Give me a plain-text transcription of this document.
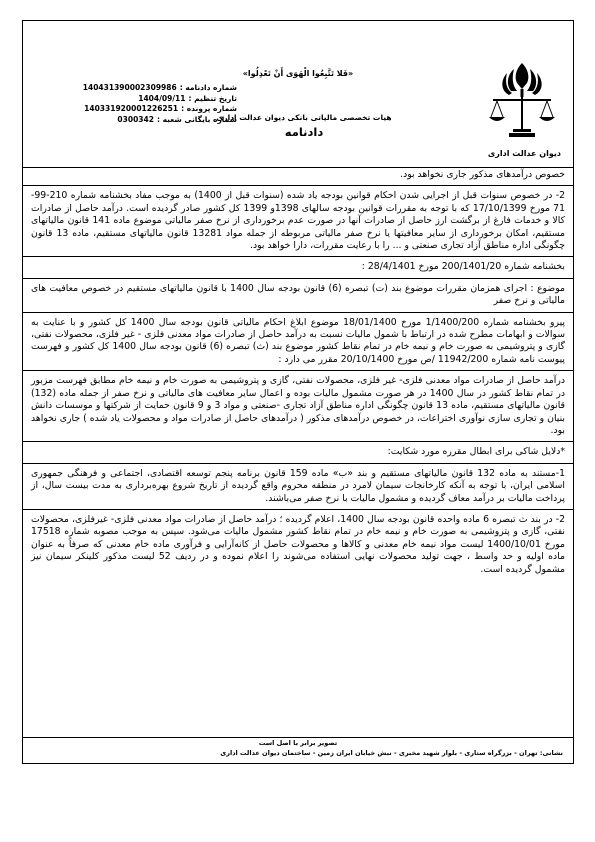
شماره دادنامه :
140431390002309986
تاریخ تنظیم :
1404/09/11
شماره پرونده :
140331920001226251
شماره بایگانی شعبه :
0300342
«فَلا تَتَّبِعُوا الْهَوَى أَنْ تَعْدِلُوا»
هیات تخصصی مالیاتی بانکی دیوان عدالت اداری
دادنامه
دیوان عدالت اداری

خصوص درآمدهای مذکور جاری نخواهد بود.

2- در خصوص سنوات قبل از اجرایی شدن احکام قوانین بودجه یاد شده (سنوات قبل از 1400) به موجب مفاد بخشنامه شماره 210-99-71 مورخ 17/10/1399 که با توجه به مقررات قوانین بودجه سالهای 1398و 1399 کل کشور صادر گردیده است. درآمد حاصل از صادرات کالا و خدمات فارغ از برگشت ارز حاصل از صادرات آنها در صورت عدم برخورداری از نرخ صفر مالیاتی موضوع ماده 141 قانون مالیاتهای مستقیم، امکان برخورداری از سایر معافیتها یا نرخ صفر مالیاتی مربوطه از جمله مواد 13281 قانون مالیاتهای مستقیم، ماده 13 قانون چگونگی اداره مناطق آزاد تجاری صنعتی و ... را با رعایت مقررات، دارا خواهد بود.

بخشنامه شماره 200/1401/20 مورخ 28/4/1401 :

موضوع : اجرای همزمان مقررات موضوع بند (ت) تبصره (6) قانون بودجه سال 1400 با قانون مالیاتهای مستقیم در خصوص معافیت های مالیاتی و نرخ صفر

پیرو بخشنامه شماره 1/1400/200 مورخ 18/01/1400 موضوع ابلاغ احکام مالیاتی قانون بودجه سال 1400 کل کشور و با عنایت به سوالات و ابهامات مطرح شده در ارتباط با شمول مالیات نسبت به درآمد حاصل از صادرات مواد معدنی فلزی - غیر فلزی، محصولات نفتی، گازی و پتروشیمی به صورت خام و نیمه خام در تمام نقاط کشور موضوع بند (ث) تبصره (6) قانون بودجه سال 1400 کل کشور و فهرست پیوست نامه شماره 11942/200 /ص مورخ 20/10/1400 مقرر می دارد :

درآمد حاصل از صادرات مواد معدنی فلزی- غیر فلزی، محصولات نفتی، گازی و پتروشیمی به صورت خام و نیمه خام مطابق فهرست مزبور در تمام نقاط کشور در سال 1400 در هر صورت مشمول مالیات بوده و اعمال سایر معافیت های مالیاتی و نرخ صفر از جمله ماده (132) قانون مالیاتهای مستقیم، ماده 13 قانون چگونگی اداره مناطق آزاد تجاری -صنعتی و مواد 3 و 9 قانون حمایت از شرکتها و موسسات دانش بنیان و تجاری سازی نوآوری اختراعات، در خصوص درآمدهای مذکور ( درآمدهای حاصل از صادرات مواد و محصولات یاد شده ) جاری نخواهد بود.

*دلایل شاکی برای ابطال مقرره مورد شکایت:

1-مستند به ماده 132 قانون مالیاتهای مستقیم و بند «ب» ماده 159 قانون برنامه پنجم توسعه اقتصادی، اجتماعی و فرهنگی جمهوری اسلامی ایران، با توجه به آنکه کارخانجات سیمان لامرد در منطقه محروم واقع گردیده از تاریخ شروع بهره‌برداری به مدت بیست سال، از پرداخت مالیات بر درآمد معاف گردیده و مشمول مالیات با نرخ صفر می‌باشند.

2- در بند ث تبصره 6 ماده واحده قانون بودجه سال 1400، اعلام گردیده ؛ درآمد حاصل از صادرات مواد معدنی فلزی- غیرفلزی، محصولات نفتی، گازی و پتروشیمی به صورت خام و نیمه خام در تمام نقاط کشور مشمول مالیات می‌شود. سپس به موجب مصوبه شماره 17518 مورخ 1400/10/01 لیست مواد نیمه خام معدنی و کالاها و محصولات حاصل از کانه‌آرایی و فرآوری ماده خام معدنی که صرفاً به عنوان ماده اولیه و حد واسط ، جهت تولید محصولات نهایی استفاده می‌شوند را اعلام نموده و در ردیف 52 لیست مذکور کلینکر سیمان نیز مشمول گردیده است.

تصویر برابر با اصل است
نشانی: تهران - بزرگراه ستاری - بلوار شهید مخبری - نبش خیابان ایران زمین - ساختمان دیوان عدالت اداری
